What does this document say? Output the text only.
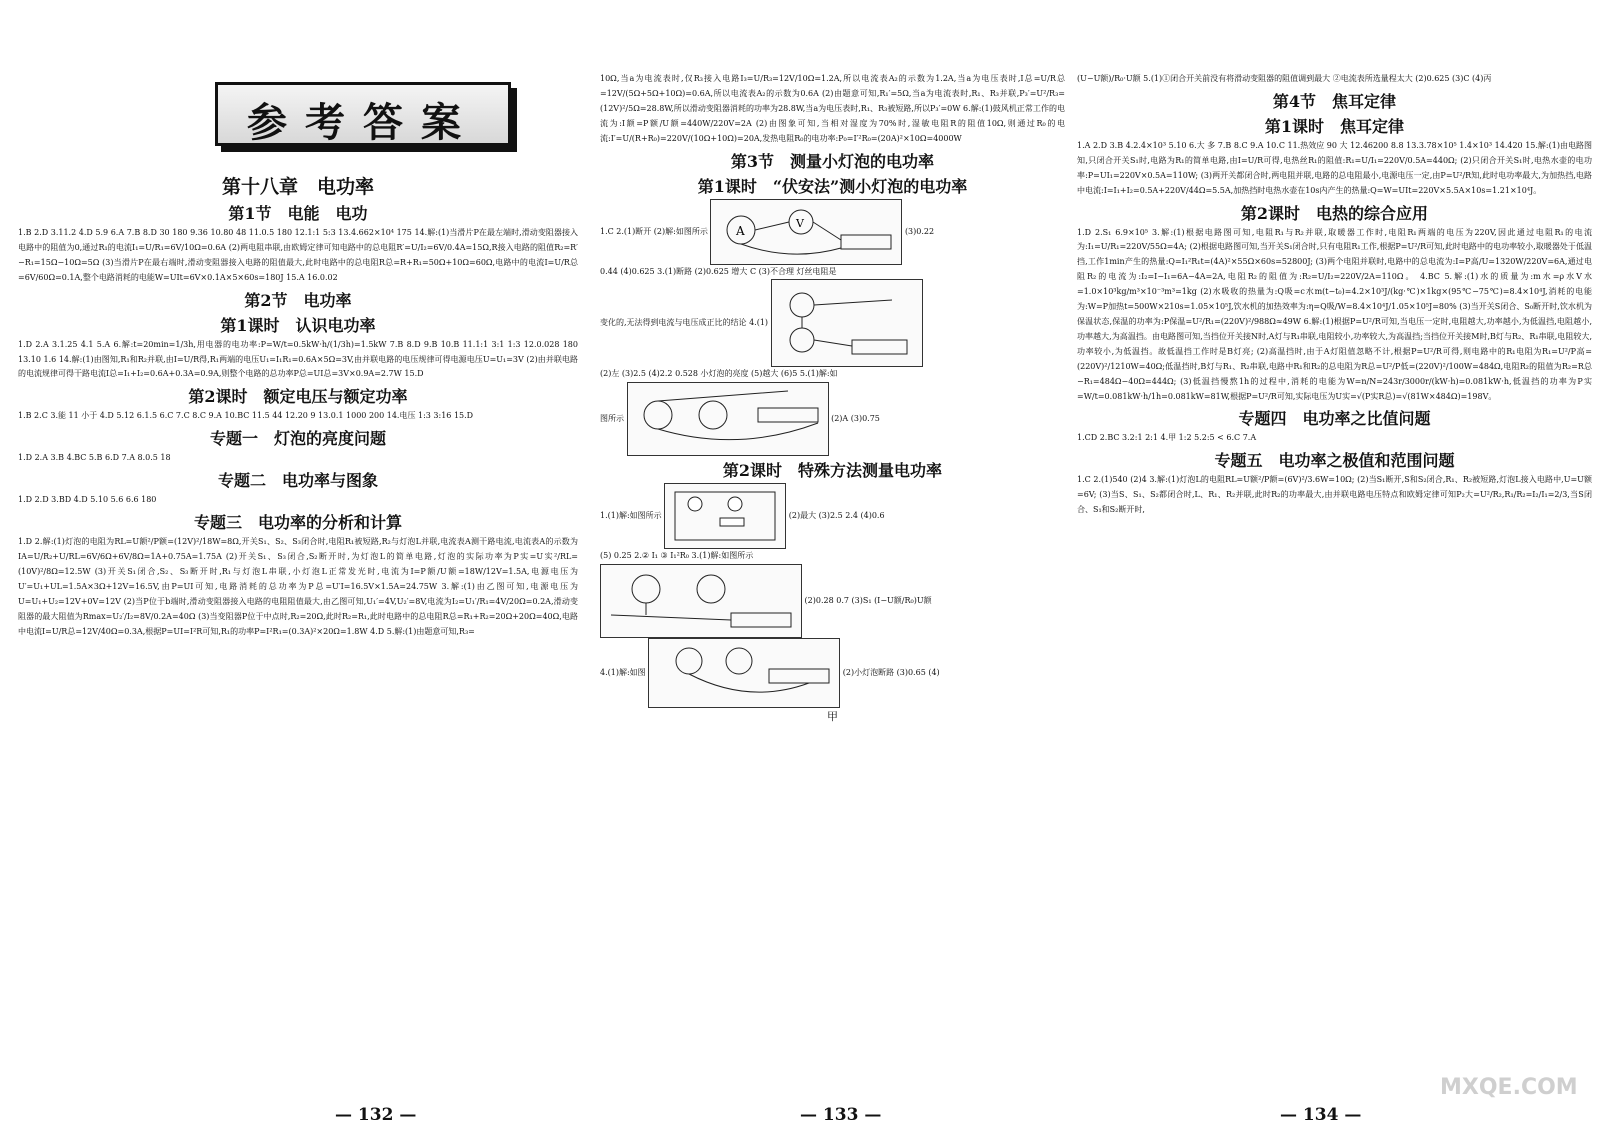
参考答案
第十八章　电功率
第1节　电能　电功

1.B 2.D 3.11.2 4.D 5.9 6.A 7.B 8.D 30 180 9.36 10.80 48 11.0.5 180 12.1:1 5:3 13.4.662×10⁴ 175 14.解:(1)当滑片P在最左端时,滑动变阻器接入电路中的阻值为0,通过R₁的电流I₁=U/R₁=6V/10Ω=0.6A (2)两电阻串联,由欧姆定律可知电路中的总电阻R′=U/I₂=6V/0.4A=15Ω,R接入电路的阻值R₂=R′−R₁=15Ω−10Ω=5Ω (3)当滑片P在最右端时,滑动变阻器接入电路的阻值最大,此时电路中的总电阻R总=R+R₁=50Ω+10Ω=60Ω,电路中的电流I=U/R总=6V/60Ω=0.1A,整个电路消耗的电能W=UIt=6V×0.1A×5×60s=180J 15.A 16.0.02

第2节　电功率
第1课时　认识电功率

1.D 2.A 3.1.25 4.1 5.A 6.解:t=20min=1/3h,用电器的电功率:P=W/t=0.5kW·h/(1/3h)=1.5kW 7.B 8.D 9.B 10.B 11.1:1 3:1 1:3 12.0.028 180 13.10 1.6 14.解:(1)由图知,R₁和R₂并联,由I=U/R得,R₁两端的电压U₁=I₁R₁=0.6A×5Ω=3V,由并联电路的电压规律可得电源电压U=U₁=3V (2)由并联电路的电流规律可得干路电流I总=I₁+I₂=0.6A+0.3A=0.9A,则整个电路的总功率P总=UI总=3V×0.9A=2.7W 15.D

第2课时　额定电压与额定功率

1.B 2.C 3.能 11 小于 4.D 5.12 6.1.5 6.C 7.C 8.C 9.A 10.BC 11.5 44 12.20 9 13.0.1 1000 200 14.电压 1:3 3:16 15.D

专题一　灯泡的亮度问题

1.D 2.A 3.B 4.BC 5.B 6.D 7.A 8.0.5 18

专题二　电功率与图象

1.D 2.D 3.BD 4.D 5.10 5.6 6.6 180

专题三　电功率的分析和计算

1.D 2.解:(1)灯泡的电阻为RL=U额²/P额=(12V)²/18W=8Ω,开关S₁、S₂、S₃闭合时,电阻R₁被短路,R₂与灯泡L并联,电流表A测干路电流,电流表A的示数为IA=U/R₂+U/RL=6V/6Ω+6V/8Ω=1A+0.75A=1.75A (2)开关S₁、S₃闭合,S₂断开时,为灯泡L的简单电路,灯泡的实际功率为P实=U实²/RL=(10V)²/8Ω=12.5W (3)开关S₁闭合,S₂、S₃断开时,R₁与灯泡L串联,小灯泡L正常发光时,电流为I=P额/U额=18W/12V=1.5A,电源电压为U′=U₁+UL=1.5A×3Ω+12V=16.5V,由P=UI可知,电路消耗的总功率为P总=U′I=16.5V×1.5A=24.75W 3.解:(1)由乙图可知,电源电压为U=U₁+U₂=12V+0V=12V (2)当P位于b端时,滑动变阻器接入电路的电阻阻值最大,由乙图可知,U₁′=4V,U₂′=8V,电流为I₂=U₁′/R₁=4V/20Ω=0.2A,滑动变阻器的最大阻值为Rmax=U₂′/I₂=8V/0.2A=40Ω (3)当变阻器P位于中点时,R₂=20Ω,此时R₂=R₁,此时电路中的总电阻R总=R₁+R₂=20Ω+20Ω=40Ω,电路中电流I=U/R总=12V/40Ω=0.3A,根据P=UI=I²R可知,R₁的功率P=I²R₁=(0.3A)²×20Ω=1.8W 4.D 5.解:(1)由题意可知,R₃=

10Ω,当a为电流表时,仅R₃接入电路I₃=U/R₃=12V/10Ω=1.2A,所以电流表A₂的示数为1.2A,当a为电压表时,I总=U/R总=12V/(5Ω+5Ω+10Ω)=0.6A,所以电流表A₂的示数为0.6A (2)由题意可知,R₁′=5Ω,当a为电流表时,R₁、R₃并联,P₃′=U²/R₃=(12V)²/5Ω=28.8W,所以滑动变阻器消耗的功率为28.8W,当a为电压表时,R₁、R₃被短路,所以P₃′=0W 6.解:(1)鼓风机正常工作的电流为:I额=P额/U额=440W/220V=2A (2)由图象可知,当相对湿度为70%时,湿敏电阻R的阻值10Ω,则通过R₀的电流:I′=U/(R+R₀)=220V/(10Ω+10Ω)=20A,发热电阻R₀的电功率:P₀=I′²R₀=(20A)²×10Ω=4000W

第3节　测量小灯泡的电功率
第1课时　“伏安法”测小灯泡的电功率

1.C 2.(1)断开 (2)解:如图所示 A
V
(3)0.22

0.44 (4)0.625 3.(1)断路 (2)0.625 增大 C (3)不合理 灯丝电阻是

变化的,无法得到电流与电压成正比的结论 4.(1)

(2)左 (3)2.5 (4)2.2 0.528 小灯泡的亮度 (5)越大 (6)5 5.(1)解:如

图所示	(2)A (3)0.75

第2课时　特殊方法测量电功率

1.(1)解:如图所示	(2)最大 (3)2.5 2.4 (4)0.6

(5) 0.25 2.② I₁ ③ I₁²R₀ 3.(1)解:如图所示

(2)0.28 0.7 (3)S₁ (I−U额/R₀)U额

4.(1)解:如图	(2)小灯泡断路 (3)0.65 (4)

甲

(U−U额)/R₀·U额 5.(1)①闭合开关前没有将滑动变阻器的阻值调到最大 ②电流表所选量程太大 (2)0.625 (3)C (4)丙

第4节　焦耳定律
第1课时　焦耳定律

1.A 2.D 3.B 4.2.4×10³ 5.10 6.大 多 7.B 8.C 9.A 10.C 11.热效应 90 大 12.46200 8.8 13.3.78×10⁵ 1.4×10³ 14.420 15.解:(1)由电路图知,只闭合开关S₁时,电路为R₁的简单电路,由I=U/R可得,电热丝R₁的阻值:R₁=U/I₁=220V/0.5A=440Ω; (2)只闭合开关S₁时,电热水壶的电功率:P=UI₁=220V×0.5A=110W; (3)两开关都闭合时,两电阻并联,电路的总电阻最小,电源电压一定,由P=U²/R知,此时电功率最大,为加热挡,电路中电流:I=I₁+I₂=0.5A+220V/44Ω=5.5A,加热挡时电热水壶在10s内产生的热量:Q=W=UIt=220V×5.5A×10s=1.21×10⁴J。

第2课时　电热的综合应用

1.D 2.S₁ 6.9×10⁵ 3.解:(1)根据电路图可知,电阻R₁与R₂并联,取暖器工作时,电阻R₁两端的电压为220V,因此通过电阻R₁的电流为:I₁=U/R₁=220V/55Ω=4A; (2)根据电路图可知,当开关S₁闭合时,只有电阻R₁工作,根据P=U²/R可知,此时电路中的电功率较小,取暖器处于低温挡,工作1min产生的热量:Q=I₁²R₁t=(4A)²×55Ω×60s=52800J; (3)两个电阻并联时,电路中的总电流为:I=P高/U=1320W/220V=6A,通过电阻R₂的电流为:I₂=I−I₁=6A−4A=2A,电阻R₂的阻值为:R₂=U/I₂=220V/2A=110Ω。 4.BC 5.解:(1)水的质量为:m水=ρ水V水=1.0×10³kg/m³×10⁻³m³=1kg (2)水吸收的热量为:Q吸=c水m(t−t₀)=4.2×10³J/(kg·℃)×1kg×(95℃−75℃)=8.4×10⁴J,消耗的电能为:W=P加热t=500W×210s=1.05×10⁵J,饮水机的加热效率为:η=Q吸/W=8.4×10⁴J/1.05×10⁵J=80% (3)当开关S闭合、S₀断开时,饮水机为保温状态,保温的功率为:P保温=U²/R₁=(220V)²/988Ω≈49W 6.解:(1)根据P=U²/R可知,当电压一定时,电阻越大,功率越小,为低温挡,电阻越小,功率越大,为高温挡。由电路图可知,当挡位开关接N时,A灯与R₁串联,电阻较小,功率较大,为高温挡;当挡位开关接M时,B灯与R₂、R₁串联,电阻较大,功率较小,为低温挡。故低温挡工作时是B灯亮; (2)高温挡时,由于A灯阻值忽略不计,根据P=U²/R可得,则电路中的R₁电阻为R₁=U²/P高=(220V)²/1210W=40Ω;低温挡时,B灯与R₁、R₂串联,电路中R₁和R₂的总电阻为R总=U²/P低=(220V)²/100W=484Ω,电阻R₂的阻值为R₂=R总−R₁=484Ω−40Ω=444Ω; (3)低温挡慢熬1h的过程中,消耗的电能为W=n/N=243r/3000r/(kW·h)=0.081kW·h,低温挡的功率为P实=W/t=0.081kW·h/1h=0.081kW=81W,根据P=U²/R可知,实际电压为U实=√(P实R总)=√(81W×484Ω)=198V。

专题四　电功率之比值问题

1.CD 2.BC 3.2:1 2:1 4.甲 1:2 5.2:5 < 6.C 7.A

专题五　电功率之极值和范围问题

1.C 2.(1)540 (2)4 3.解:(1)灯泡L的电阻RL=U额²/P额=(6V)²/3.6W=10Ω; (2)当S₁断开,S和S₂闭合,R₁、R₂被短路,灯泡L接入电路中,U=U额=6V; (3)当S、S₁、S₂都闭合时,L、R₁、R₂并联,此时R₂的功率最大,由并联电路电压特点和欧姆定律可知P₂大=U²/R₂,R₁/R₂=I₂/I₁=2/3,当S闭合、S₁和S₂断开时,

— 132 —	— 133 —	— 134 —
MXQE.COM
